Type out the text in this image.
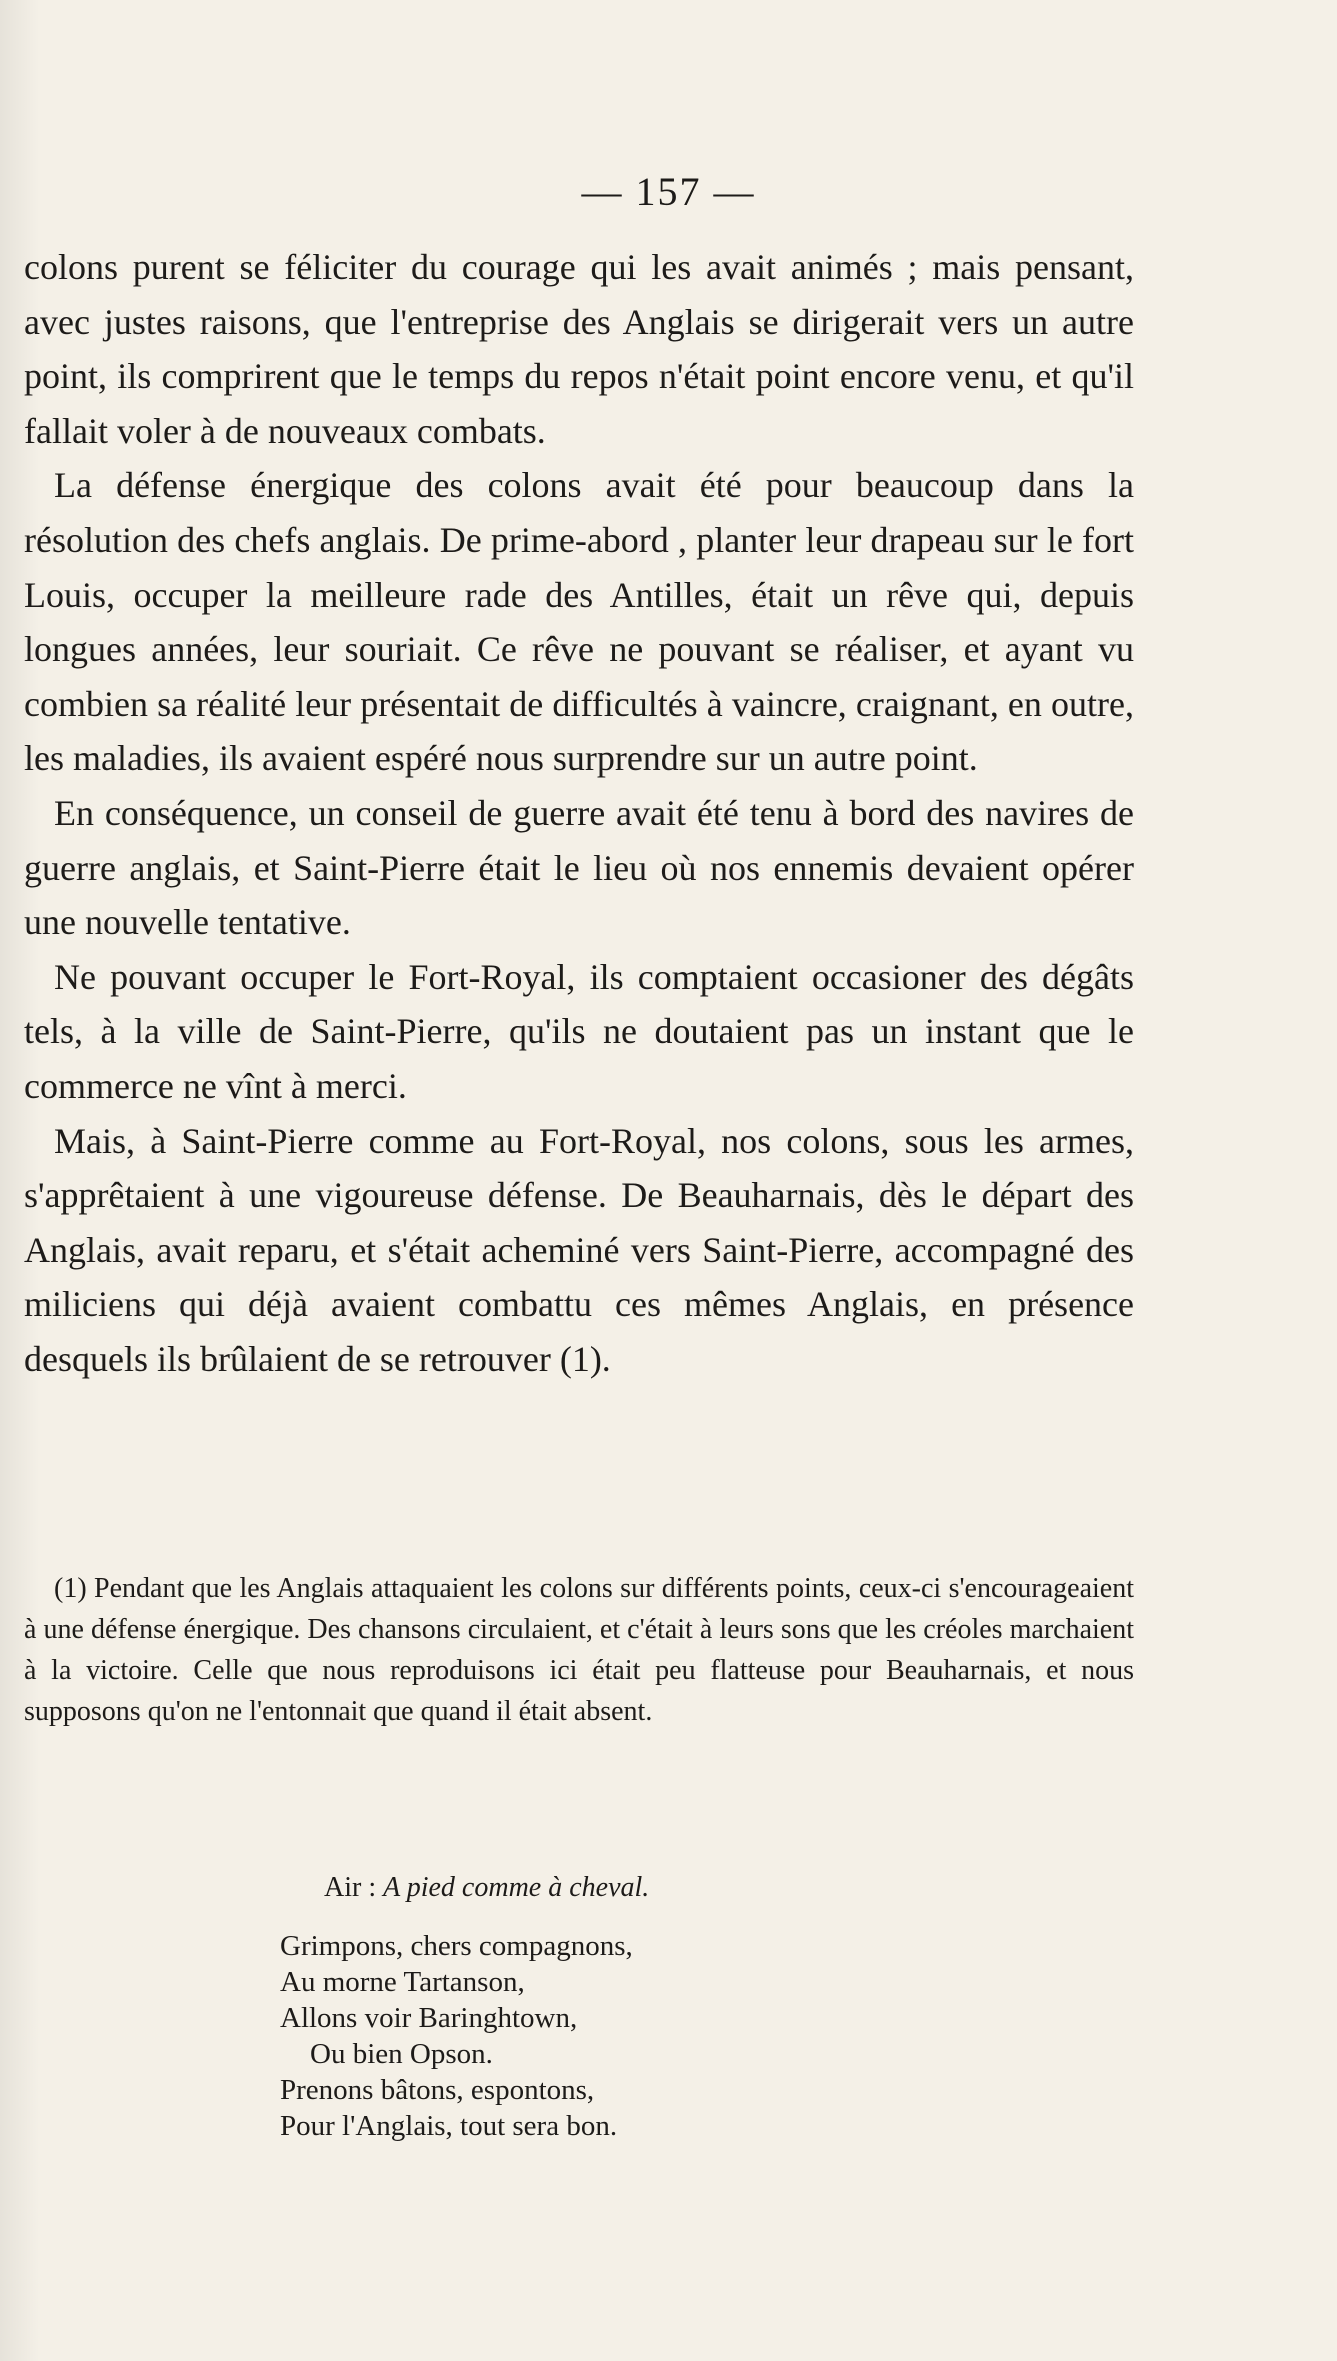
— 157 —

colons purent se féliciter du courage qui les avait animés ; mais pensant, avec justes raisons, que l'entreprise des Anglais se dirigerait vers un autre point, ils comprirent que le temps du repos n'était point encore venu, et qu'il fallait voler à de nouveaux combats.

La défense énergique des colons avait été pour beaucoup dans la résolution des chefs anglais. De prime-abord , planter leur drapeau sur le fort Louis, occuper la meilleure rade des Antilles, était un rêve qui, depuis longues années, leur souriait. Ce rêve ne pouvant se réaliser, et ayant vu combien sa réalité leur présentait de difficultés à vaincre, craignant, en outre, les maladies, ils avaient espéré nous surprendre sur un autre point.

En conséquence, un conseil de guerre avait été tenu à bord des navires de guerre anglais, et Saint-Pierre était le lieu où nos ennemis devaient opérer une nouvelle tentative.

Ne pouvant occuper le Fort-Royal, ils comptaient occasioner des dégâts tels, à la ville de Saint-Pierre, qu'ils ne doutaient pas un instant que le commerce ne vînt à merci.

Mais, à Saint-Pierre comme au Fort-Royal, nos colons, sous les armes, s'apprêtaient à une vigoureuse défense. De Beauharnais, dès le départ des Anglais, avait reparu, et s'était acheminé vers Saint-Pierre, accompagné des miliciens qui déjà avaient combattu ces mêmes Anglais, en présence desquels ils brûlaient de se retrouver (1).

(1) Pendant que les Anglais attaquaient les colons sur différents points, ceux-ci s'encourageaient à une défense énergique. Des chansons circulaient, et c'était à leurs sons que les créoles marchaient à la victoire. Celle que nous reproduisons ici était peu flatteuse pour Beauharnais, et nous supposons qu'on ne l'entonnait que quand il était absent.

Air : A pied comme à cheval.
Grimpons, chers compagnons,
Au morne Tartanson,
Allons voir Baringhtown,
Ou bien Opson.
Prenons bâtons, espontons,
Pour l'Anglais, tout sera bon.
